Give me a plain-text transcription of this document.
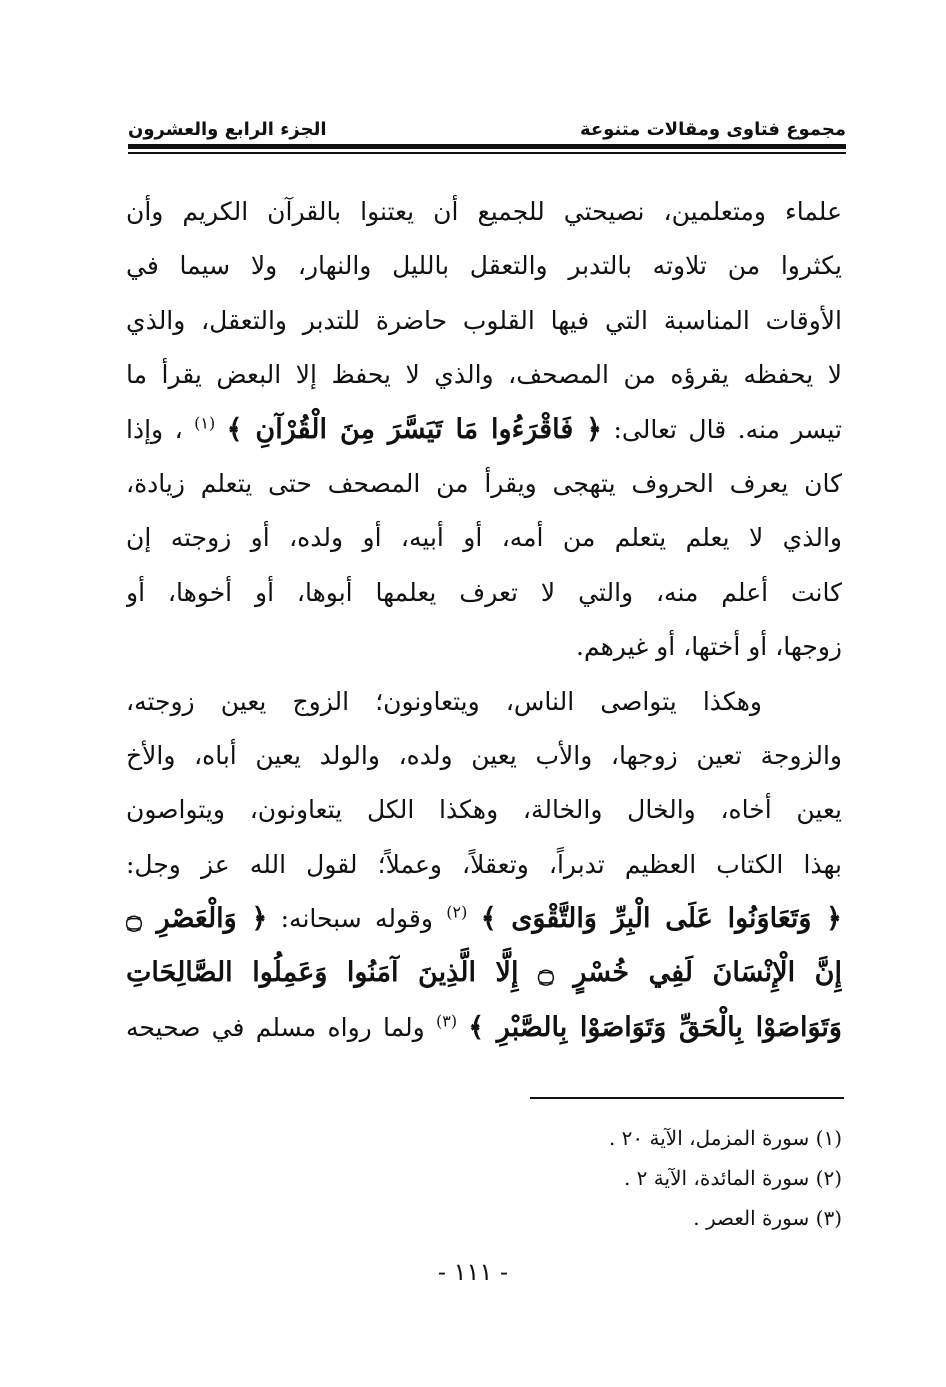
مجموع فتاوى ومقالات متنوعة
الجزء الرابع والعشرون
علماء ومتعلمين، نصيحتي للجميع أن يعتنوا بالقرآن الكريم وأن
يكثروا من تلاوته بالتدبر والتعقل بالليل والنهار، ولا سيما في
الأوقات المناسبة التي فيها القلوب حاضرة للتدبر والتعقل، والذي
لا يحفظه يقرؤه من المصحف، والذي لا يحفظ إلا البعض يقرأ ما
تيسر منه. قال تعالى: ﴿ فَاقْرَءُوا مَا تَيَسَّرَ مِنَ الْقُرْآنِ ﴾ $^{(١)}$ ، وإذا
كان يعرف الحروف يتهجى ويقرأ من المصحف حتى يتعلم زيادة،
والذي لا يعلم يتعلم من أمه، أو أبيه، أو ولده، أو زوجته إن
كانت أعلم منه، والتي لا تعرف يعلمها أبوها، أو أخوها، أو
زوجها، أو أختها، أو غيرهم.
وهكذا يتواصى الناس، ويتعاونون؛ الزوج يعين زوجته،
والزوجة تعين زوجها، والأب يعين ولده، والولد يعين أباه، والأخ
يعين أخاه، والخال والخالة، وهكذا الكل يتعاونون، ويتواصون
بهذا الكتاب العظيم تدبراً، وتعقلاً، وعملاً؛ لقول الله عز وجل:
﴿ وَتَعَاوَنُوا عَلَى الْبِرِّ وَالتَّقْوَى ﴾ $^{(٢)}$ وقوله سبحانه: ﴿ وَالْعَصْرِ ۝
إِنَّ الْإِنْسَانَ لَفِي خُسْرٍ ۝ إِلَّا الَّذِينَ آمَنُوا وَعَمِلُوا الصَّالِحَاتِ
وَتَوَاصَوْا بِالْحَقِّ وَتَوَاصَوْا بِالصَّبْرِ ﴾ $^{(٣)}$ ولما رواه مسلم في صحيحه
(١) سورة المزمل، الآية ٢٠ .
(٢) سورة المائدة، الآية ٢ .
(٣) سورة العصر .
- ١١١ -
